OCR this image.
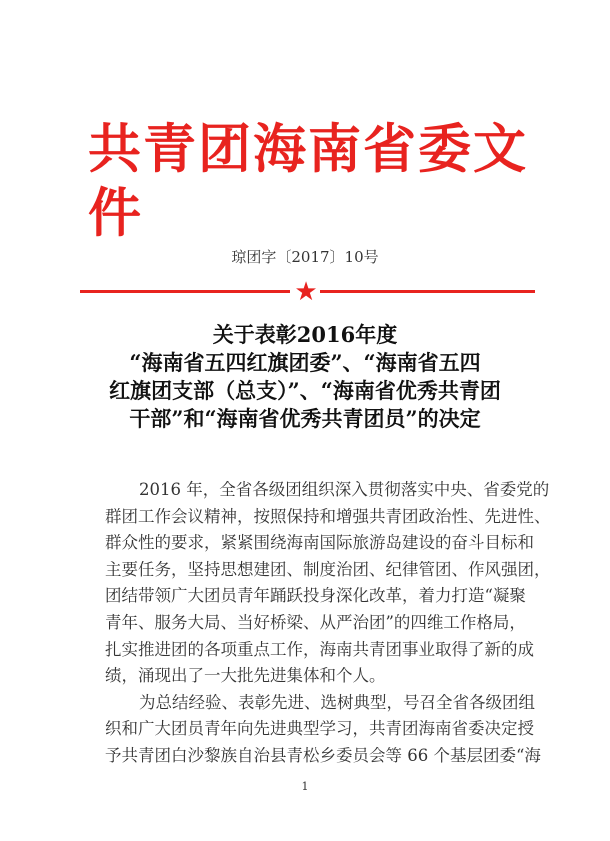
共青团海南省委文件
琼团字〔2017〕10号
★
关于表彰2016年度
“海南省五四红旗团委”、“海南省五四
红旗团支部（总支）”、“海南省优秀共青团
干部”和“海南省优秀共青团员”的决定
2016 年，全省各级团组织深入贯彻落实中央、省委党的
群团工作会议精神，按照保持和增强共青团政治性、先进性、
群众性的要求，紧紧围绕海南国际旅游岛建设的奋斗目标和
主要任务，坚持思想建团、制度治团、纪律管团、作风强团，
团结带领广大团员青年踊跃投身深化改革，着力打造“凝聚
青年、服务大局、当好桥梁、从严治团”的四维工作格局，
扎实推进团的各项重点工作，海南共青团事业取得了新的成
绩，涌现出了一大批先进集体和个人。
为总结经验、表彰先进、选树典型，号召全省各级团组
织和广大团员青年向先进典型学习，共青团海南省委决定授
予共青团白沙黎族自治县青松乡委员会等 66 个基层团委“海
1
